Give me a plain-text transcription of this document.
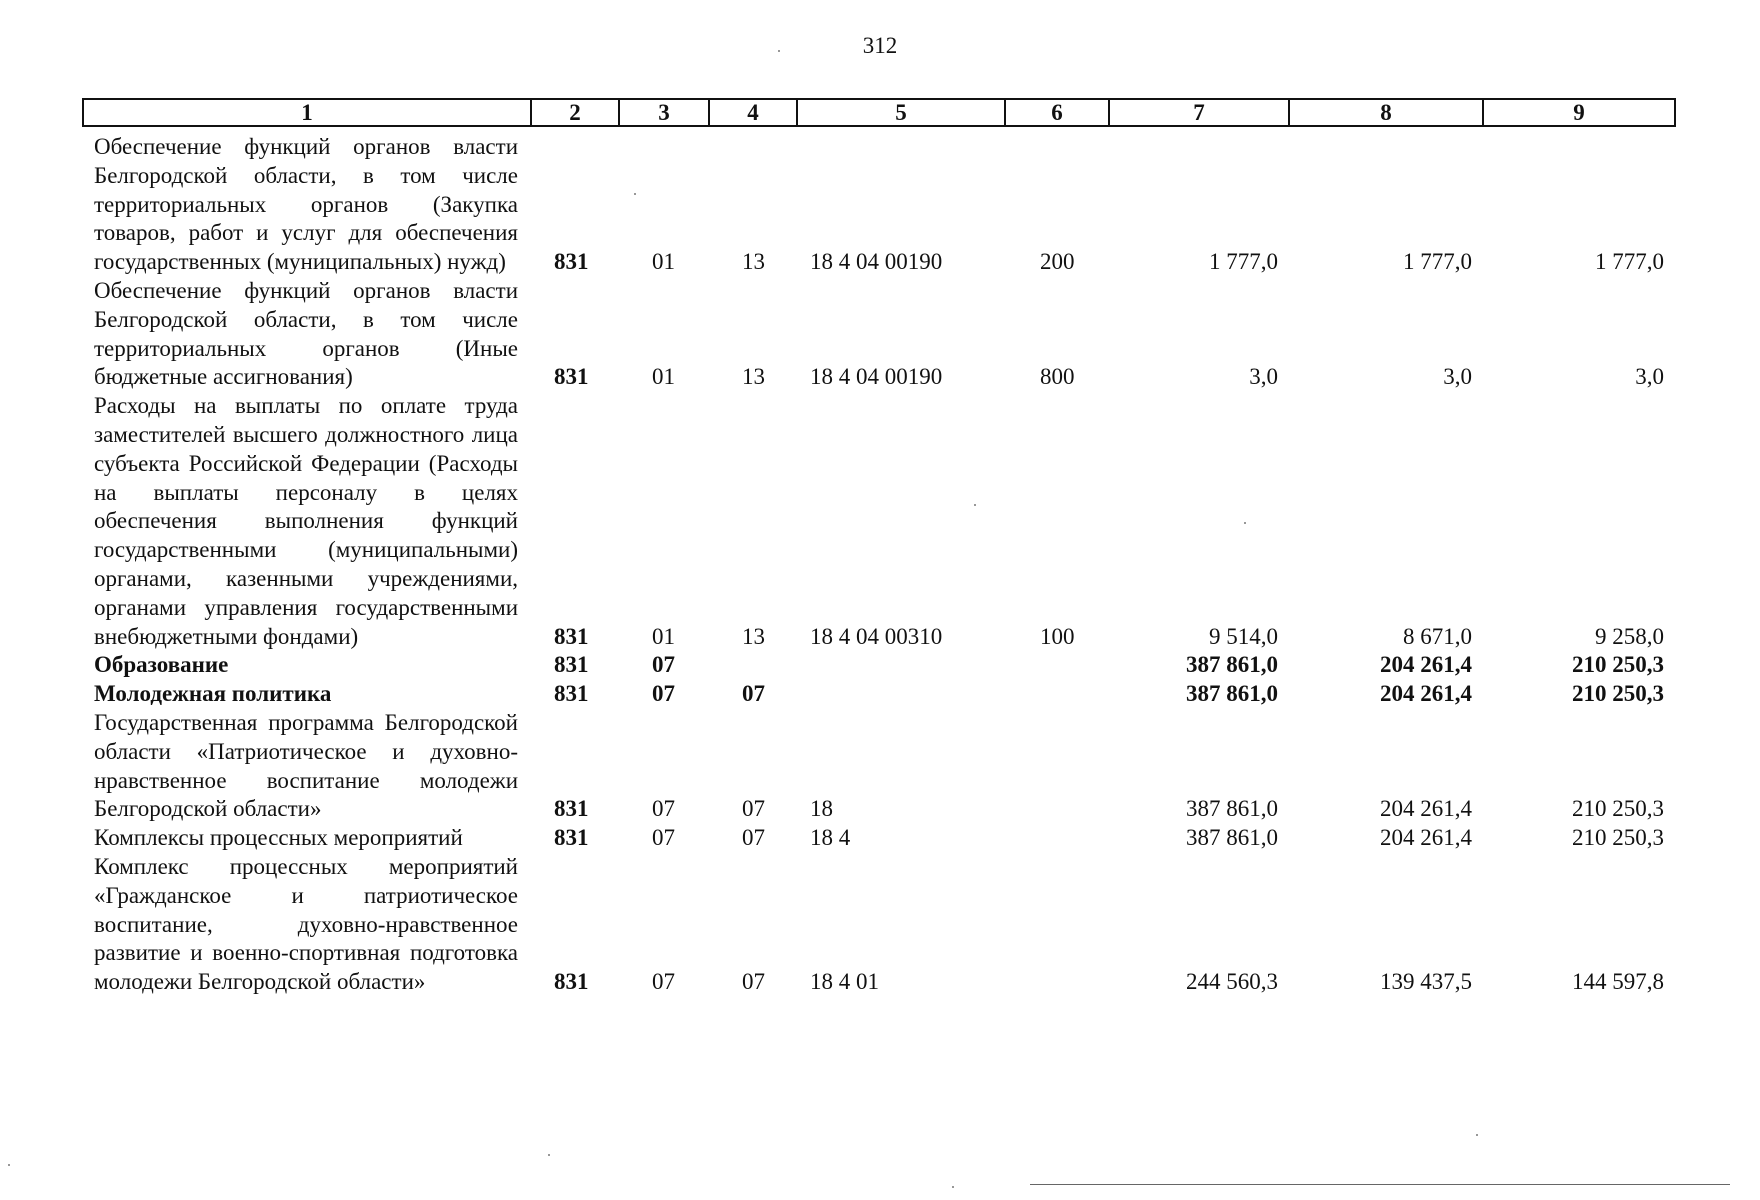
312
1	2	3	4	5	6	7	8	9
Обеспечение функций органов власти Белгородской области, в том числе территориальных органов (Закупка товаров, работ и услуг для обеспечения государственных (муниципальных) нужд)	831	01	13	18 4 04 00190	200	1 777,0	1 777,0	1 777,0
Обеспечение функций органов власти Белгородской области, в том числе территориальных органов (Иные бюджетные ассигнования)	831	01	13	18 4 04 00190	800	3,0	3,0	3,0
Расходы на выплаты по оплате труда заместителей высшего должностного лица субъекта Российской Федерации (Расходы на выплаты персоналу в целях обеспечения выполнения функций государственными (муниципальными) органами, казенными учреждениями, органами управления государственными внебюджетными фондами)	831	01	13	18 4 04 00310	100	9 514,0	8 671,0	9 258,0
Образование	831	07				387 861,0	204 261,4	210 250,3
Молодежная политика	831	07	07			387 861,0	204 261,4	210 250,3
Государственная программа Белгородской области «Патриотическое и духовно-нравственное воспитание молодежи Белгородской области»	831	07	07	18		387 861,0	204 261,4	210 250,3
Комплексы процессных мероприятий	831	07	07	18 4		387 861,0	204 261,4	210 250,3
Комплекс процессных мероприятий «Гражданское и патриотическое воспитание, духовно-нравственное развитие и военно-спортивная подготовка молодежи Белгородской области»	831	07	07	18 4 01		244 560,3	139 437,5	144 597,8
